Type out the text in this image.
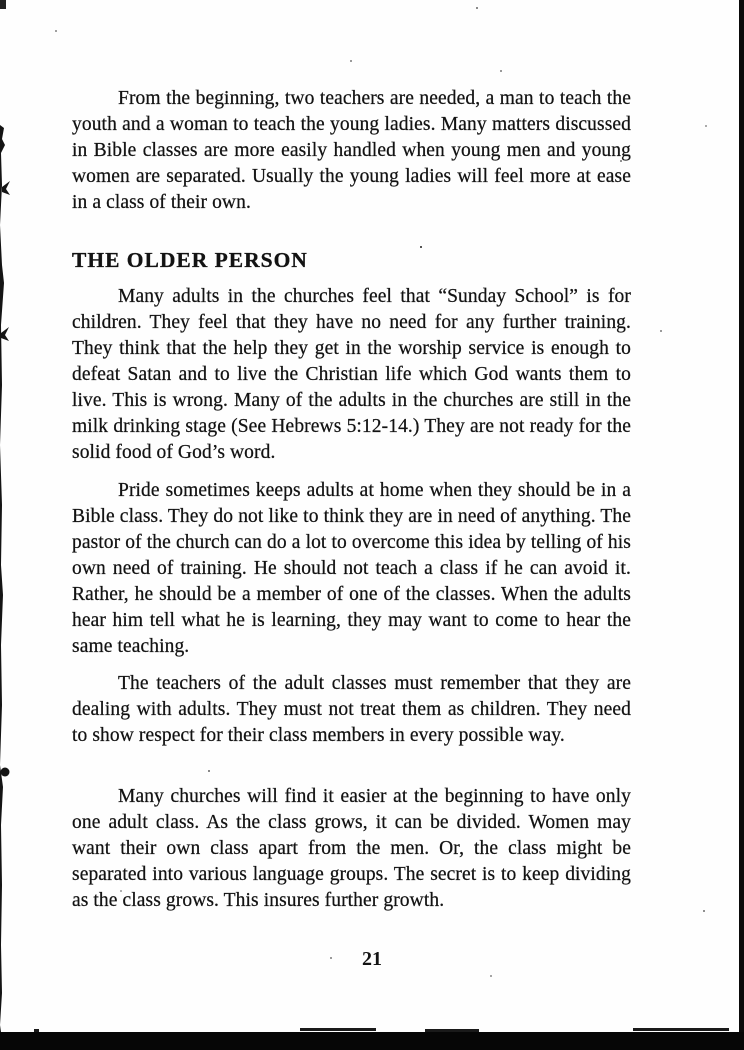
From the beginning, two teachers are needed, a man to teach the youth and a woman to teach the young ladies. Many matters discussed in Bible classes are more easily handled when young men and young women are separated. Usually the young ladies will feel more at ease in a class of their own.

THE OLDER PERSON

Many adults in the churches feel that “Sunday School” is for children. They feel that they have no need for any further training. They think that the help they get in the worship service is enough to defeat Satan and to live the Christian life which God wants them to live. This is wrong. Many of the adults in the churches are still in the milk drinking stage (See Hebrews 5:12-14.) They are not ready for the solid food of God’s word.

Pride sometimes keeps adults at home when they should be in a Bible class. They do not like to think they are in need of anything. The pastor of the church can do a lot to overcome this idea by telling of his own need of training. He should not teach a class if he can avoid it. Rather, he should be a member of one of the classes. When the adults hear him tell what he is learning, they may want to come to hear the same teaching.

The teachers of the adult classes must remember that they are dealing with adults. They must not treat them as children. They need to show respect for their class members in every possible way.

Many churches will find it easier at the beginning to have only one adult class. As the class grows, it can be divided. Women may want their own class apart from the men. Or, the class might be separated into various language groups. The secret is to keep dividing as the class grows. This insures further growth.

21
